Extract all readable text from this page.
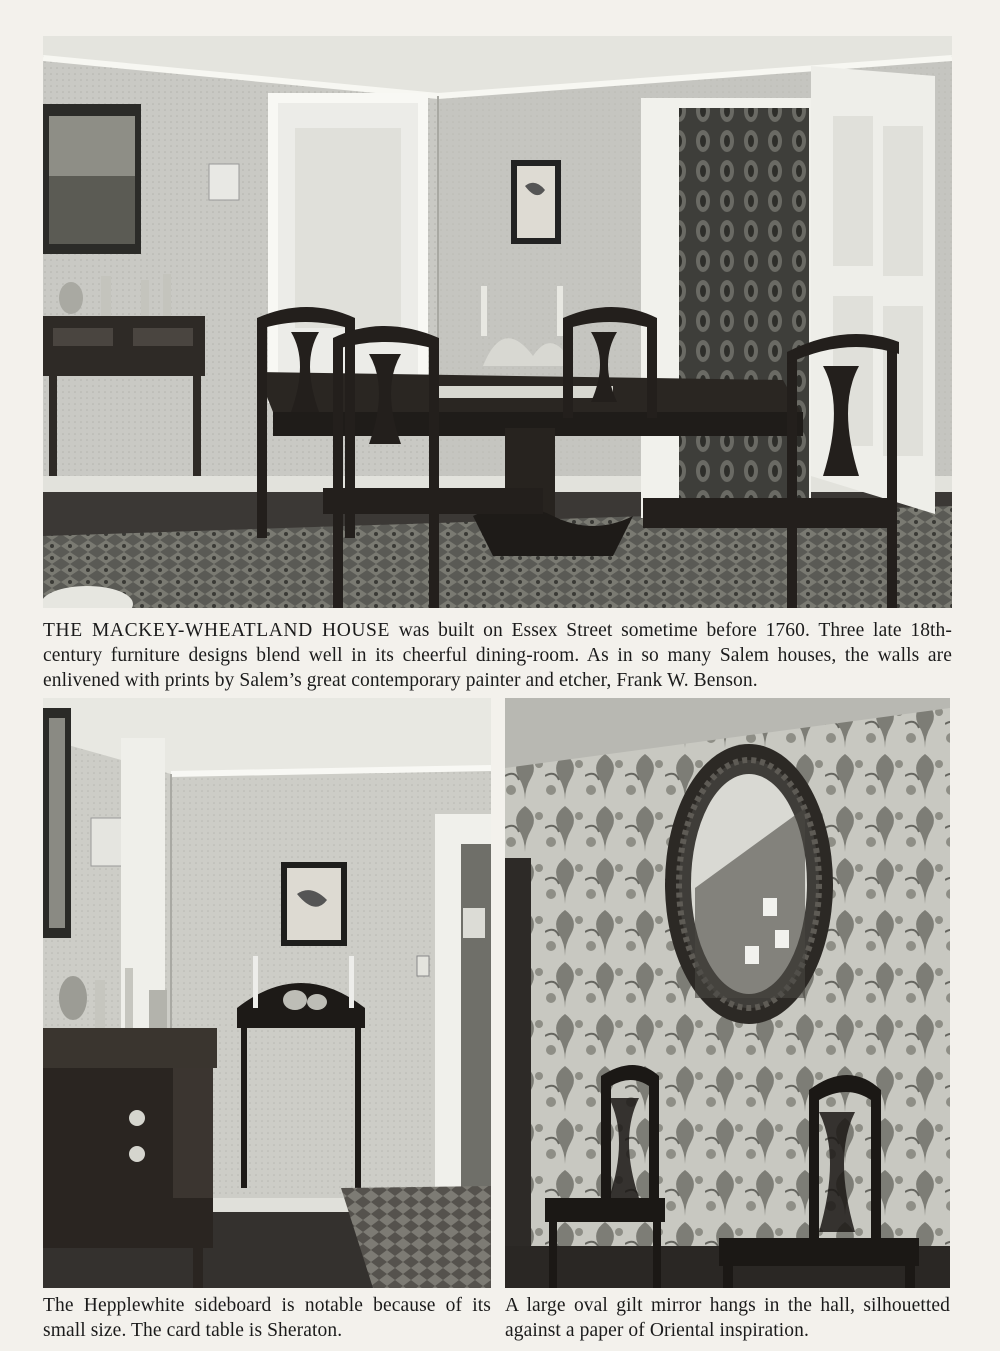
THE MACKEY-WHEATLAND HOUSE was built on Essex Street sometime before 1760. Three late 18th-century furniture designs blend well in its cheerful dining-room. As in so many Salem houses, the walls are enlivened with prints by Salem’s great contemporary painter and etcher, Frank W. Benson.
The Hepplewhite sideboard is notable because of its small size. The card table is Sheraton.
A large oval gilt mirror hangs in the hall, silhouetted against a paper of Oriental inspiration.
